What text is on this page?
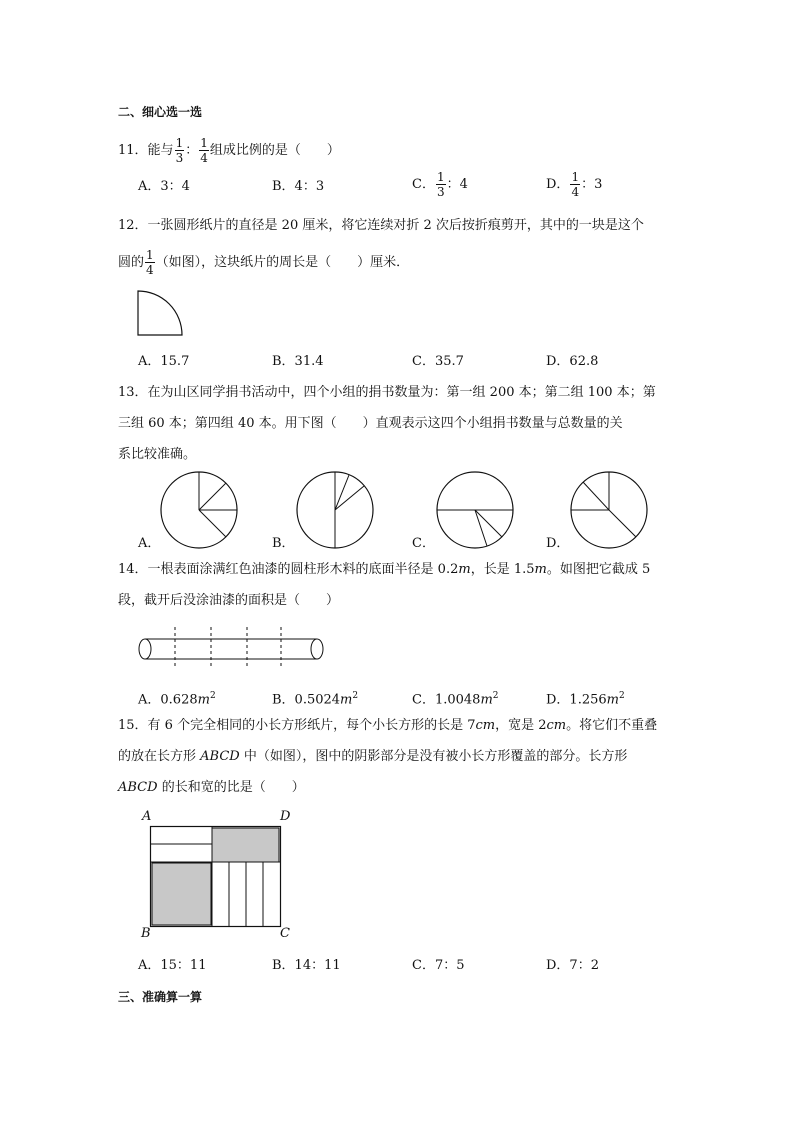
二、细心选一选
11．能与 $\frac{1}{3}$ ： $\frac{1}{4}$ 组成比例的是（　　）
A．3：4	B．4：3	C． $\frac{1}{3}$ ：4	D． $\frac{1}{4}$ ：3
12．一张圆形纸片的直径是 20 厘米，将它连续对折 2 次后按折痕剪开，其中的一块是这个
圆的 $\frac{1}{4}$ （如图），这块纸片的周长是（　　）厘米．
A．15.7	B．31.4	C．35.7	D．62.8
13．在为山区同学捐书活动中，四个小组的捐书数量为：第一组 200 本；第二组 100 本；第
三组 60 本；第四组 40 本。用下图（　　）直观表示这四个小组捐书数量与总数量的关
系比较准确。
A．	B．	C．	D．
14．一根表面涂满红色油漆的圆柱形木料的底面半径是 0.2m，长是 1.5m。如图把它截成 5
段，截开后没涂油漆的面积是（　　）
A．$0.628m^2$	B．$0.5024m^2$	C．$1.0048m^2$	D．$1.256m^2$
15．有 6 个完全相同的小长方形纸片，每个小长方形的长是 7cm，宽是 2cm。将它们不重叠
的放在长方形 ABCD 中（如图），图中的阴影部分是没有被小长方形覆盖的部分。长方形
ABCD 的长和宽的比是（　　）
A	D
B	C
A．15：11	B．14：11	C．7：5	D．7：2
三、准确算一算
